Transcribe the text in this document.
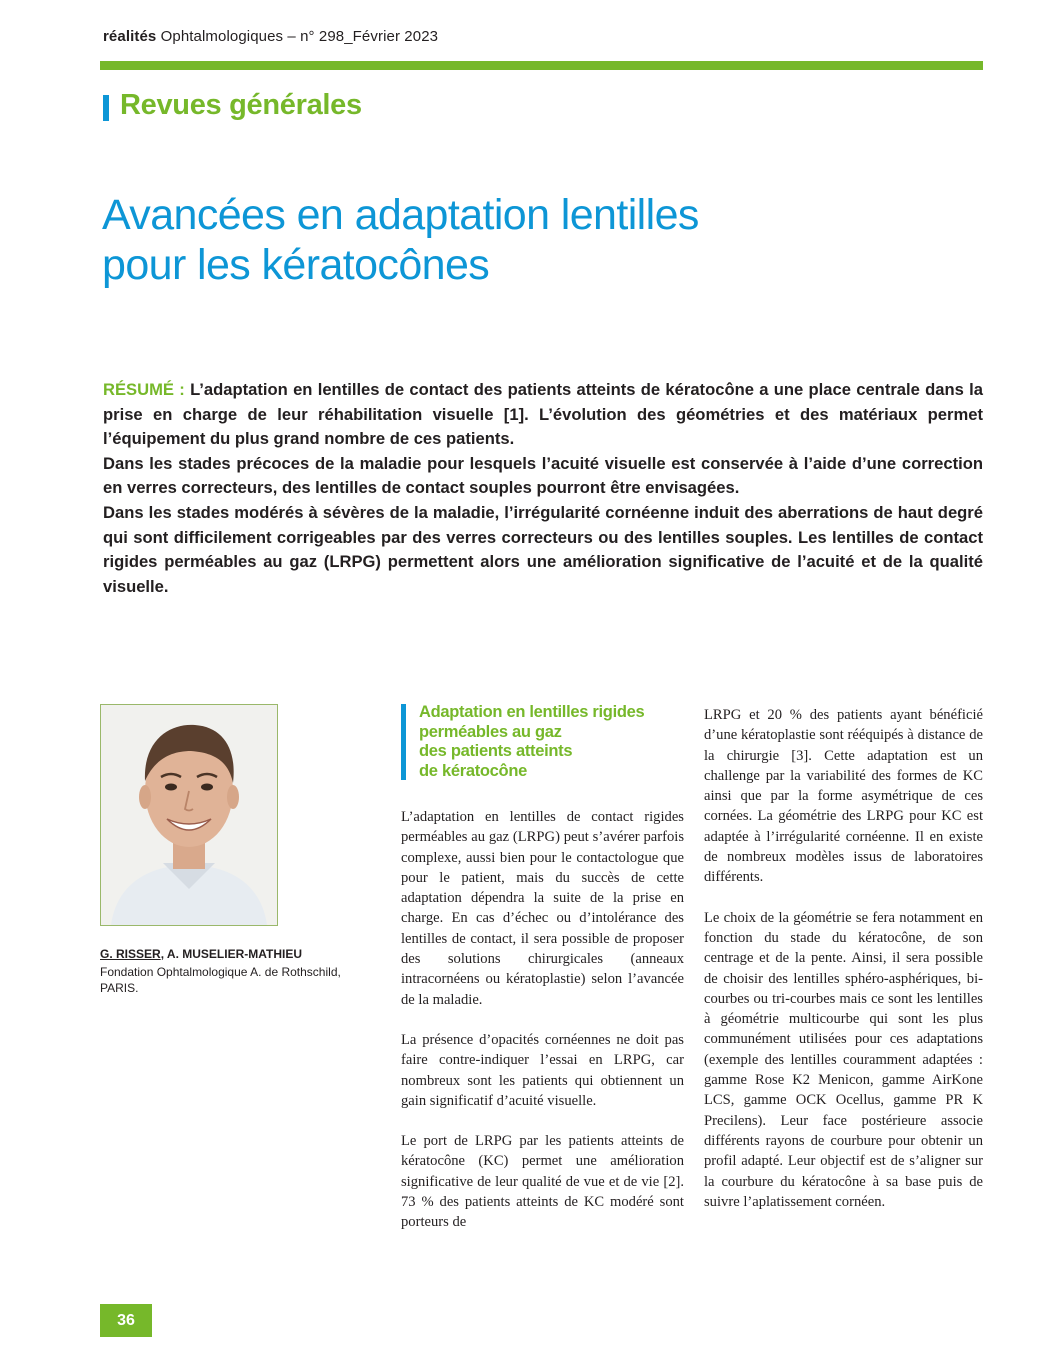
réalités Ophtalmologiques – n° 298_Février 2023
Revues générales
Avancées en adaptation lentilles
pour les kératocônes

RÉSUMÉ : L’adaptation en lentilles de contact des patients atteints de kératocône a une place centrale dans la prise en charge de leur réhabilitation visuelle [1]. L’évolution des géométries et des matériaux permet l’équipement du plus grand nombre de ces patients.

Dans les stades précoces de la maladie pour lesquels l’acuité visuelle est conservée à l’aide d’une correction en verres correcteurs, des lentilles de contact souples pourront être envisagées.

Dans les stades modérés à sévères de la maladie, l’irrégularité cornéenne induit des aberrations de haut degré qui sont difficilement corrigeables par des verres correcteurs ou des lentilles souples. Les lentilles de contact rigides perméables au gaz (LRPG) permettent alors une amélioration significative de l’acuité et de la qualité visuelle.

G. RISSER, A. MUSELIER-MATHIEU
Fondation Ophtalmologique A. de Rothschild,
PARIS.
Adaptation en lentilles rigides
perméables au gaz
des patients atteints
de kératocône

L’adaptation en lentilles de contact rigides perméables au gaz (LRPG) peut s’avérer parfois complexe, aussi bien pour le contactologue que pour le patient, mais du succès de cette adaptation dépendra la suite de la prise en charge. En cas d’échec ou d’intolérance des lentilles de contact, il sera possible de proposer des solutions chirurgicales (anneaux intracornéens ou kératoplastie) selon l’avancée de la maladie.

La présence d’opacités cornéennes ne doit pas faire contre-indiquer l’essai en LRPG, car nombreux sont les patients qui obtiennent un gain significatif d’acuité visuelle.

Le port de LRPG par les patients atteints de kératocône (KC) permet une amélioration significative de leur qualité de vue et de vie [2]. 73 % des patients atteints de KC modéré sont porteurs de

LRPG et 20 % des patients ayant bénéficié d’une kératoplastie sont rééquipés à distance de la chirurgie [3]. Cette adaptation est un challenge par la variabilité des formes de KC ainsi que par la forme asymétrique de ces cornées. La géométrie des LRPG pour KC est adaptée à l’irrégularité cornéenne. Il en existe de nombreux modèles issus de laboratoires différents.

Le choix de la géométrie se fera notamment en fonction du stade du kératocône, de son centrage et de la pente. Ainsi, il sera possible de choisir des lentilles sphéro-asphériques, bi-courbes ou tri-courbes mais ce sont les lentilles à géométrie multicourbe qui sont les plus communément utilisées pour ces adaptations (exemple des lentilles couramment adaptées : gamme Rose K2 Menicon, gamme AirKone LCS, gamme OCK Ocellus, gamme PR K Precilens). Leur face postérieure associe différents rayons de courbure pour obtenir un profil adapté. Leur objectif est de s’aligner sur la courbure du kératocône à sa base puis de suivre l’aplatissement cornéen.

36
